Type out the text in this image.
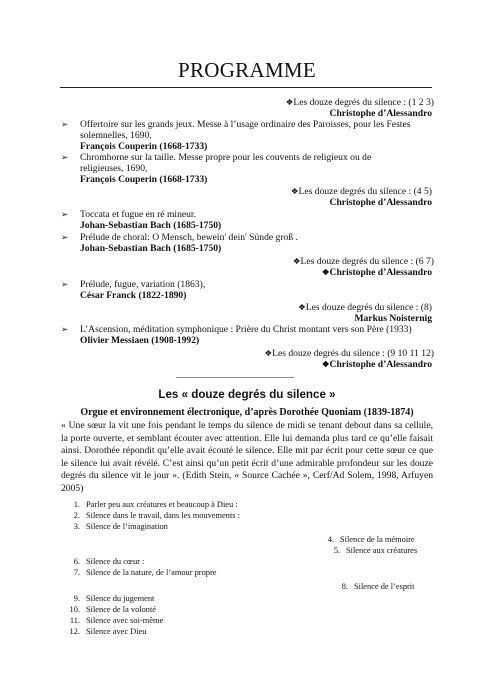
PROGRAMME
❖Les douze degrés du silence : (1 2 3)
Christophe d’Alessandro
➢ Offertoire sur les grands jeux. Messe à l’usage ordinaire des Paroisses, pour les Festes
solemnelles, 1690,
François Couperin (1668-1733)
➢ Chromhorne sur la taille. Messe propre pour les couvents de religieux ou de
religieuses, 1690,
François Couperin (1668-1733)
❖Les douze degrés du silence : (4 5)
Christophe d’Alessandro
➢ Toccata et fugue en ré mineur.
Johan-Sebastian Bach (1685-1750)
➢ Prélude de choral: O Mensch, bewein' dein' Sünde groß .
Johan-Sebastian Bach (1685-1750)
❖Les douze degrés du silence : (6 7)
❖Christophe d’Alessandro
➢ Prélude, fugue, variation (1863),
César Franck (1822-1890)
❖Les douze degrés du silence : (8)
Markus Noisternig
➢ L’Ascension, méditation symphonique : Prière du Christ montant vers son Père (1933)
Olivier Messiaen (1908-1992)
❖Les douze degrés du silence : (9 10 11 12)
❖Christophe d’Alessandro
Les « douze degrés du silence »
Orgue et environnement électronique, d’après Dorothée Quoniam (1839-1874)
« Une sœur la vit une fois pendant le temps du silence de midi se tenant debout dans sa cellule, la porte ouverte, et semblant écouter avec attention. Elle lui demanda plus tard ce qu’elle faisait ainsi. Dorothée répondit qu’elle avait écouté le silence. Elle mit par écrit pour cette sœur ce que le silence lui avait révélé. C’est ainsi qu’un petit écrit d’une admirable profondeur sur les douze degrés du silence vit le jour ». (Edith Stein, « Source Cachée », Cerf/Ad Solem, 1998, Arfuyen 2005)
1. Parler peu aux créatures et beaucoup à Dieu :
2. Silence dans le travail, dans les mouvements :
3. Silence de l’imagination
4. Silence de la mémoire
5. Silence aux créatures
6. Silence du cœur :
7. Silence de la nature, de l’amour propre
8. Silence de l’esprit
9. Silence du jugement
10. Silence de la volonté
11. Silence avec soi-même
12. Silence avec Dieu
